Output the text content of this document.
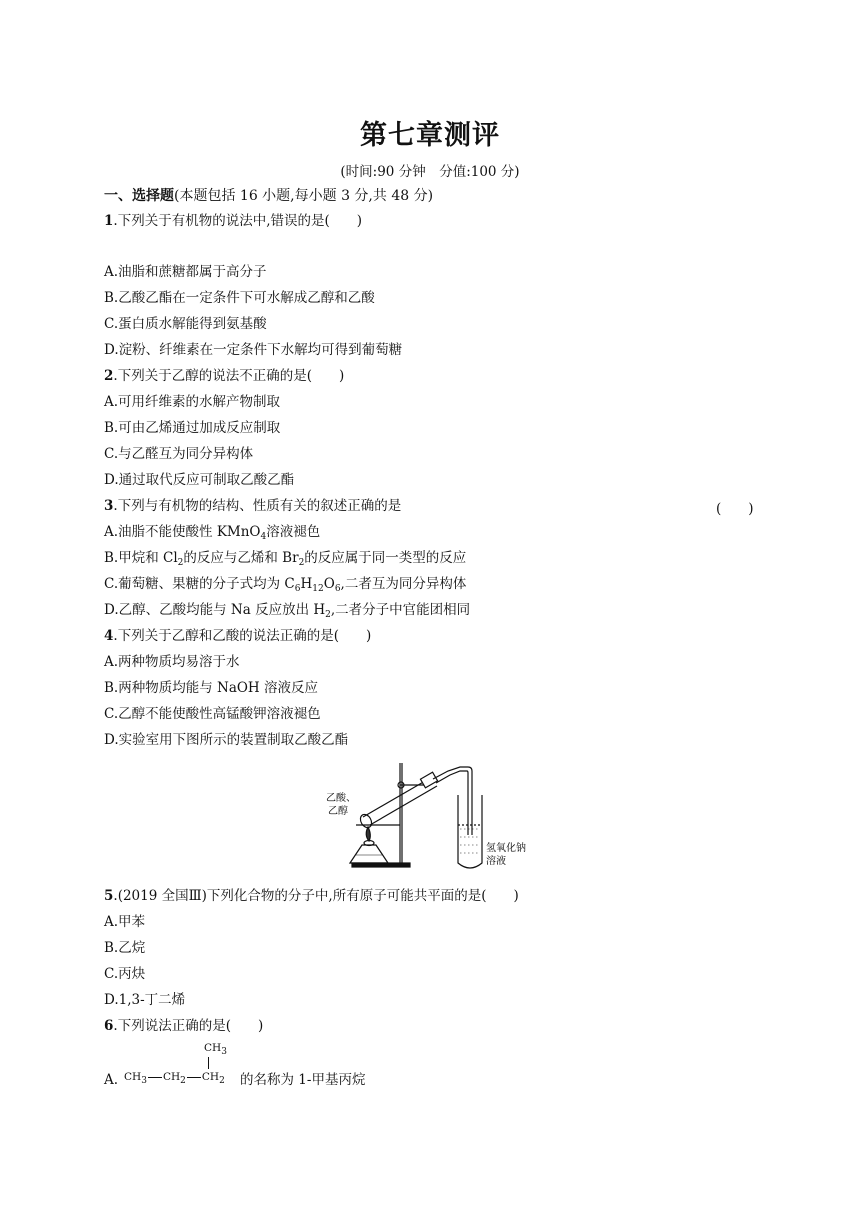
第七章测评
(时间:90 分钟　分值:100 分)
一、选择题(本题包括 16 小题,每小题 3 分,共 48 分)
1.下列关于有机物的说法中,错误的是(　　)
A.油脂和蔗糖都属于高分子
B.乙酸乙酯在一定条件下可水解成乙醇和乙酸
C.蛋白质水解能得到氨基酸
D.淀粉、纤维素在一定条件下水解均可得到葡萄糖
2.下列关于乙醇的说法不正确的是(　　)
A.可用纤维素的水解产物制取
B.可由乙烯通过加成反应制取
C.与乙醛互为同分异构体
D.通过取代反应可制取乙酸乙酯
3.下列与有机物的结构、性质有关的叙述正确的是	(　　)
A.油脂不能使酸性 KMnO$_4$溶液褪色
B.甲烷和 $Cl_2$的反应与乙烯和 $Br_2$的反应属于同一类型的反应
C.葡萄糖、果糖的分子式均为 $C_6H_{12}O_6$,二者互为同分异构体
D.乙醇、乙酸均能与 Na 反应放出 $H_2$,二者分子中官能团相同
4.下列关于乙醇和乙酸的说法正确的是(　　)
A.两种物质均易溶于水
B.两种物质均能与 NaOH 溶液反应
C.乙醇不能使酸性高锰酸钾溶液褪色
D.实验室用下图所示的装置制取乙酸乙酯
乙酸、
乙醇
氢氧化钠
溶液
5.(2019 全国Ⅲ)下列化合物的分子中,所有原子可能共平面的是(　　)
A.甲苯
B.乙烷
C.丙炔
D.1,3-丁二烯
6.下列说法正确的是(　　)
A.
$CH_3$
$CH_3$ $CH_2$ $CH_2$ 的名称为 1-甲基丙烷
